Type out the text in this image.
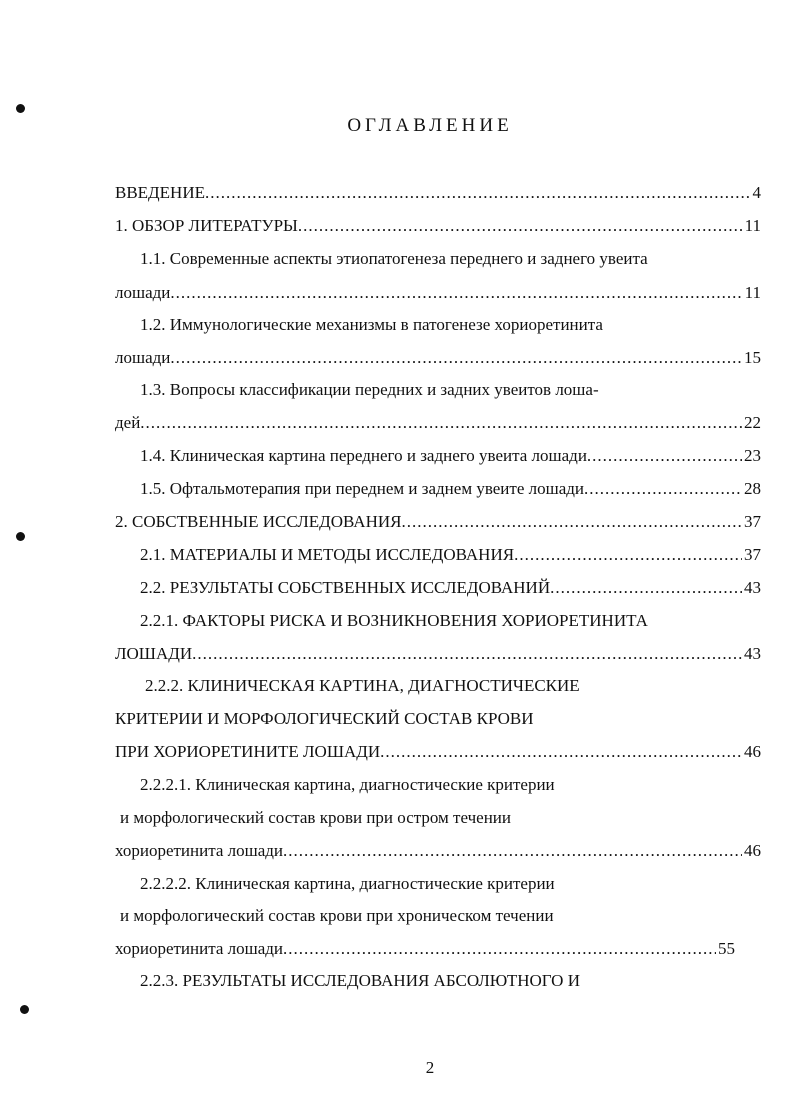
ОГЛАВЛЕНИЕ
ВВЕДЕНИЕ .....	4
1. ОБЗОР ЛИТЕРАТУРЫ .....	11
1.1. Современные аспекты этиопатогенеза переднего и заднего увеита
лошади .....	11
1.2. Иммунологические механизмы в патогенезе хориоретинита
лошади .....	15
1.3. Вопросы классификации передних и задних увеитов лоша-
дей .....	22
1.4. Клиническая картина переднего и заднего увеита лошади .....	23
1.5. Офтальмотерапия при переднем и заднем увеите лошади .....	28
2. СОБСТВЕННЫЕ ИССЛЕДОВАНИЯ .....	37
2.1. МАТЕРИАЛЫ И МЕТОДЫ ИССЛЕДОВАНИЯ .....	37
2.2. РЕЗУЛЬТАТЫ СОБСТВЕННЫХ ИССЛЕДОВАНИЙ .....	43
2.2.1. ФАКТОРЫ РИСКА И ВОЗНИКНОВЕНИЯ ХОРИОРЕТИНИТА
ЛОШАДИ .....	43
2.2.2. КЛИНИЧЕСКАЯ КАРТИНА, ДИАГНОСТИЧЕСКИЕ
КРИТЕРИИ И МОРФОЛОГИЧЕСКИЙ СОСТАВ КРОВИ
ПРИ ХОРИОРЕТИНИТЕ ЛОШАДИ .....	46
2.2.2.1. Клиническая картина, диагностические критерии
и морфологический состав крови при остром течении
хориоретинита лошади .....	46
2.2.2.2. Клиническая картина, диагностические критерии
и морфологический состав крови при хроническом течении
хориоретинита лошади .....	55
2.2.3. РЕЗУЛЬТАТЫ ИССЛЕДОВАНИЯ АБСОЛЮТНОГО И
2
